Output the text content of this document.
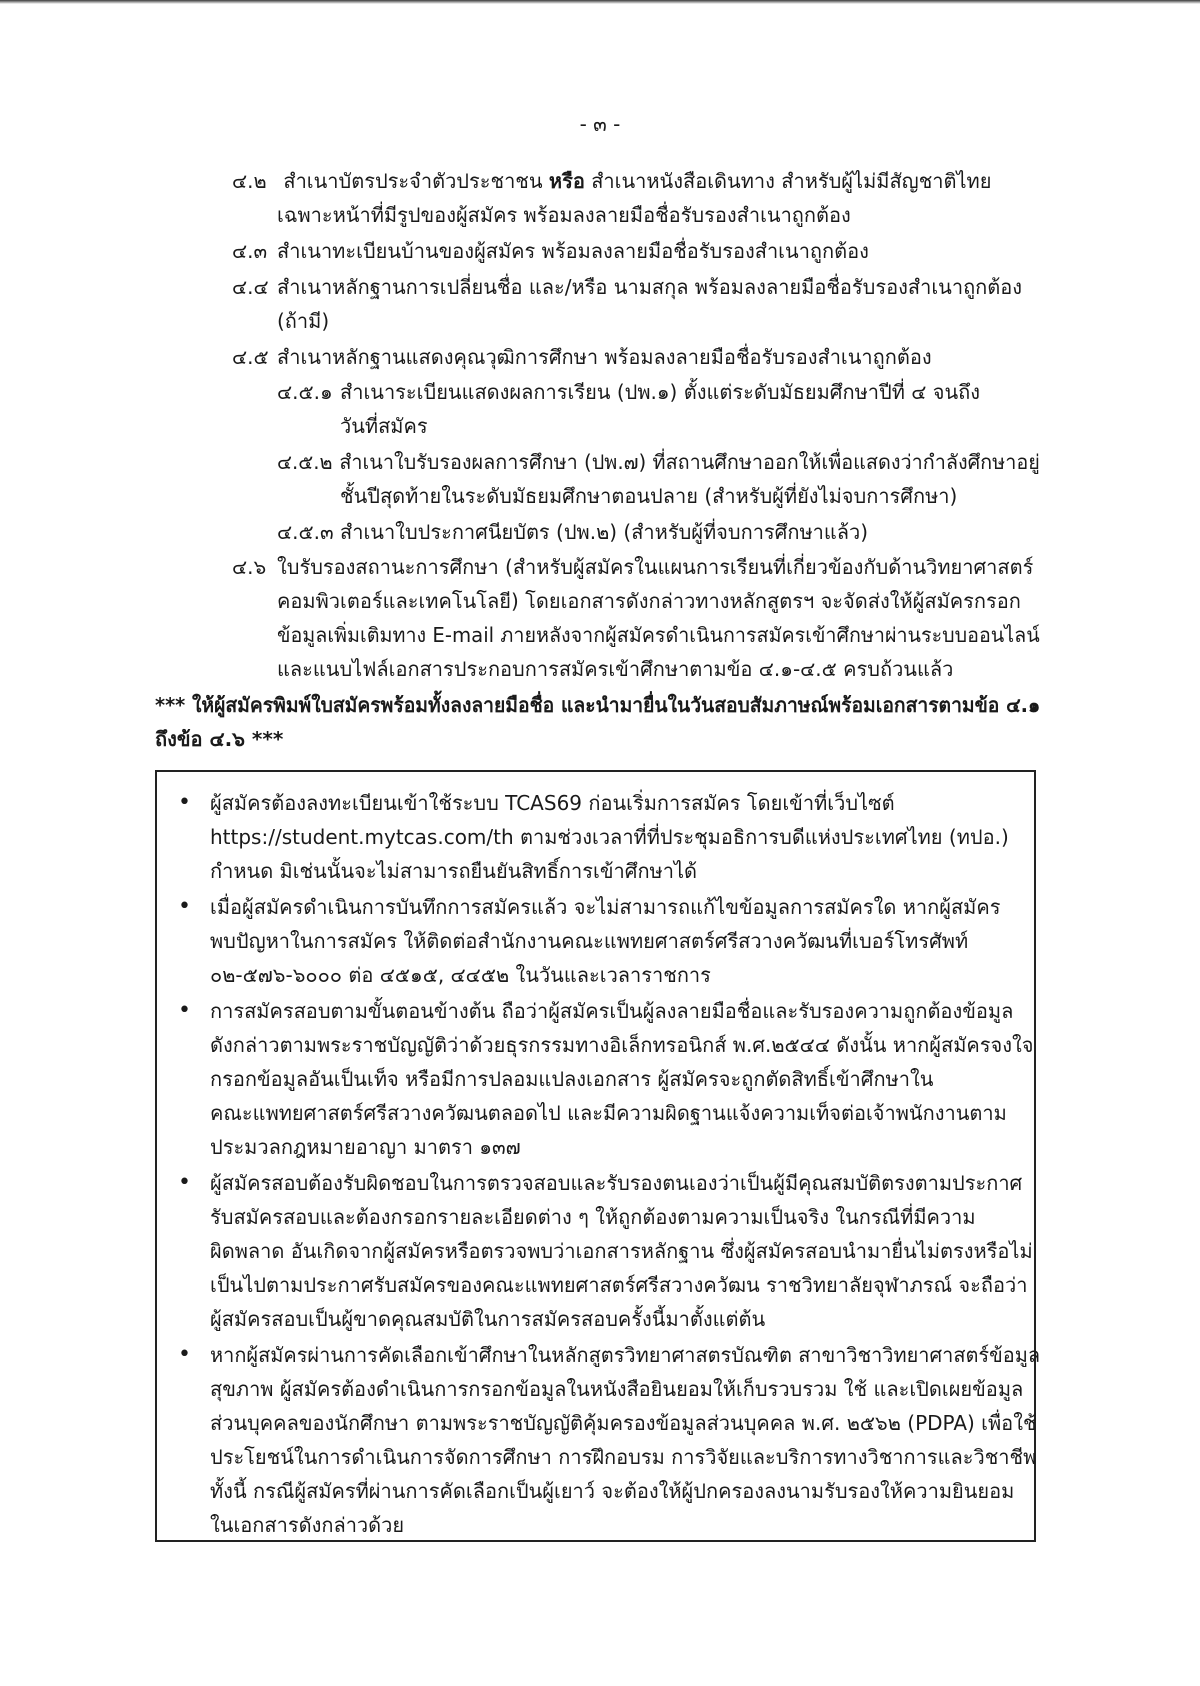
- ๓ -
๔.๒ สำเนาบัตรประจำตัวประชาชน หรือ สำเนาหนังสือเดินทาง สำหรับผู้ไม่มีสัญชาติไทย
เฉพาะหน้าที่มีรูปของผู้สมัคร พร้อมลงลายมือชื่อรับรองสำเนาถูกต้อง
๔.๓ สำเนาทะเบียนบ้านของผู้สมัคร พร้อมลงลายมือชื่อรับรองสำเนาถูกต้อง
๔.๔ สำเนาหลักฐานการเปลี่ยนชื่อ และ/หรือ นามสกุล พร้อมลงลายมือชื่อรับรองสำเนาถูกต้อง
(ถ้ามี)
๔.๕ สำเนาหลักฐานแสดงคุณวุฒิการศึกษา พร้อมลงลายมือชื่อรับรองสำเนาถูกต้อง
๔.๕.๑ สำเนาระเบียนแสดงผลการเรียน (ปพ.๑) ตั้งแต่ระดับมัธยมศึกษาปีที่ ๔ จนถึง
วันที่สมัคร
๔.๕.๒ สำเนาใบรับรองผลการศึกษา (ปพ.๗) ที่สถานศึกษาออกให้เพื่อแสดงว่ากำลังศึกษาอยู่
ชั้นปีสุดท้ายในระดับมัธยมศึกษาตอนปลาย (สำหรับผู้ที่ยังไม่จบการศึกษา)
๔.๕.๓ สำเนาใบประกาศนียบัตร (ปพ.๒) (สำหรับผู้ที่จบการศึกษาแล้ว)
๔.๖ ใบรับรองสถานะการศึกษา (สำหรับผู้สมัครในแผนการเรียนที่เกี่ยวข้องกับด้านวิทยาศาสตร์
คอมพิวเตอร์และเทคโนโลยี) โดยเอกสารดังกล่าวทางหลักสูตรฯ จะจัดส่งให้ผู้สมัครกรอก
ข้อมูลเพิ่มเติมทาง E-mail ภายหลังจากผู้สมัครดำเนินการสมัครเข้าศึกษาผ่านระบบออนไลน์
และแนบไฟล์เอกสารประกอบการสมัครเข้าศึกษาตามข้อ ๔.๑-๔.๕ ครบถ้วนแล้ว
*** ให้ผู้สมัครพิมพ์ใบสมัครพร้อมทั้งลงลายมือชื่อ และนำมายื่นในวันสอบสัมภาษณ์พร้อมเอกสารตามข้อ ๔.๑
ถึงข้อ ๔.๖ ***
• ผู้สมัครต้องลงทะเบียนเข้าใช้ระบบ TCAS69 ก่อนเริ่มการสมัคร โดยเข้าที่เว็บไซต์
https://student.mytcas.com/th ตามช่วงเวลาที่ที่ประชุมอธิการบดีแห่งประเทศไทย (ทปอ.)
กำหนด มิเช่นนั้นจะไม่สามารถยืนยันสิทธิ์การเข้าศึกษาได้
• เมื่อผู้สมัครดำเนินการบันทึกการสมัครแล้ว จะไม่สามารถแก้ไขข้อมูลการสมัครใด หากผู้สมัคร
พบปัญหาในการสมัคร ให้ติดต่อสำนักงานคณะแพทยศาสตร์ศรีสวางควัฒนที่เบอร์โทรศัพท์
๐๒-๕๗๖-๖๐๐๐ ต่อ ๔๕๑๕, ๔๔๕๒ ในวันและเวลาราชการ
• การสมัครสอบตามขั้นตอนข้างต้น ถือว่าผู้สมัครเป็นผู้ลงลายมือชื่อและรับรองความถูกต้องข้อมูล
ดังกล่าวตามพระราชบัญญัติว่าด้วยธุรกรรมทางอิเล็กทรอนิกส์ พ.ศ.๒๕๔๔ ดังนั้น หากผู้สมัครจงใจ
กรอกข้อมูลอันเป็นเท็จ หรือมีการปลอมแปลงเอกสาร ผู้สมัครจะถูกตัดสิทธิ์เข้าศึกษาใน
คณะแพทยศาสตร์ศรีสวางควัฒนตลอดไป และมีความผิดฐานแจ้งความเท็จต่อเจ้าพนักงานตาม
ประมวลกฎหมายอาญา มาตรา ๑๓๗
• ผู้สมัครสอบต้องรับผิดชอบในการตรวจสอบและรับรองตนเองว่าเป็นผู้มีคุณสมบัติตรงตามประกาศ
รับสมัครสอบและต้องกรอกรายละเอียดต่าง ๆ ให้ถูกต้องตามความเป็นจริง ในกรณีที่มีความ
ผิดพลาด อันเกิดจากผู้สมัครหรือตรวจพบว่าเอกสารหลักฐาน ซึ่งผู้สมัครสอบนำมายื่นไม่ตรงหรือไม่
เป็นไปตามประกาศรับสมัครของคณะแพทยศาสตร์ศรีสวางควัฒน ราชวิทยาลัยจุฬาภรณ์ จะถือว่า
ผู้สมัครสอบเป็นผู้ขาดคุณสมบัติในการสมัครสอบครั้งนี้มาตั้งแต่ต้น
• หากผู้สมัครผ่านการคัดเลือกเข้าศึกษาในหลักสูตรวิทยาศาสตรบัณฑิต สาขาวิชาวิทยาศาสตร์ข้อมูล
สุขภาพ ผู้สมัครต้องดำเนินการกรอกข้อมูลในหนังสือยินยอมให้เก็บรวบรวม ใช้ และเปิดเผยข้อมูล
ส่วนบุคคลของนักศึกษา ตามพระราชบัญญัติคุ้มครองข้อมูลส่วนบุคคล พ.ศ. ๒๕๖๒ (PDPA) เพื่อใช้
ประโยชน์ในการดำเนินการจัดการศึกษา การฝึกอบรม การวิจัยและบริการทางวิชาการและวิชาชีพ
ทั้งนี้ กรณีผู้สมัครที่ผ่านการคัดเลือกเป็นผู้เยาว์ จะต้องให้ผู้ปกครองลงนามรับรองให้ความยินยอม
ในเอกสารดังกล่าวด้วย
